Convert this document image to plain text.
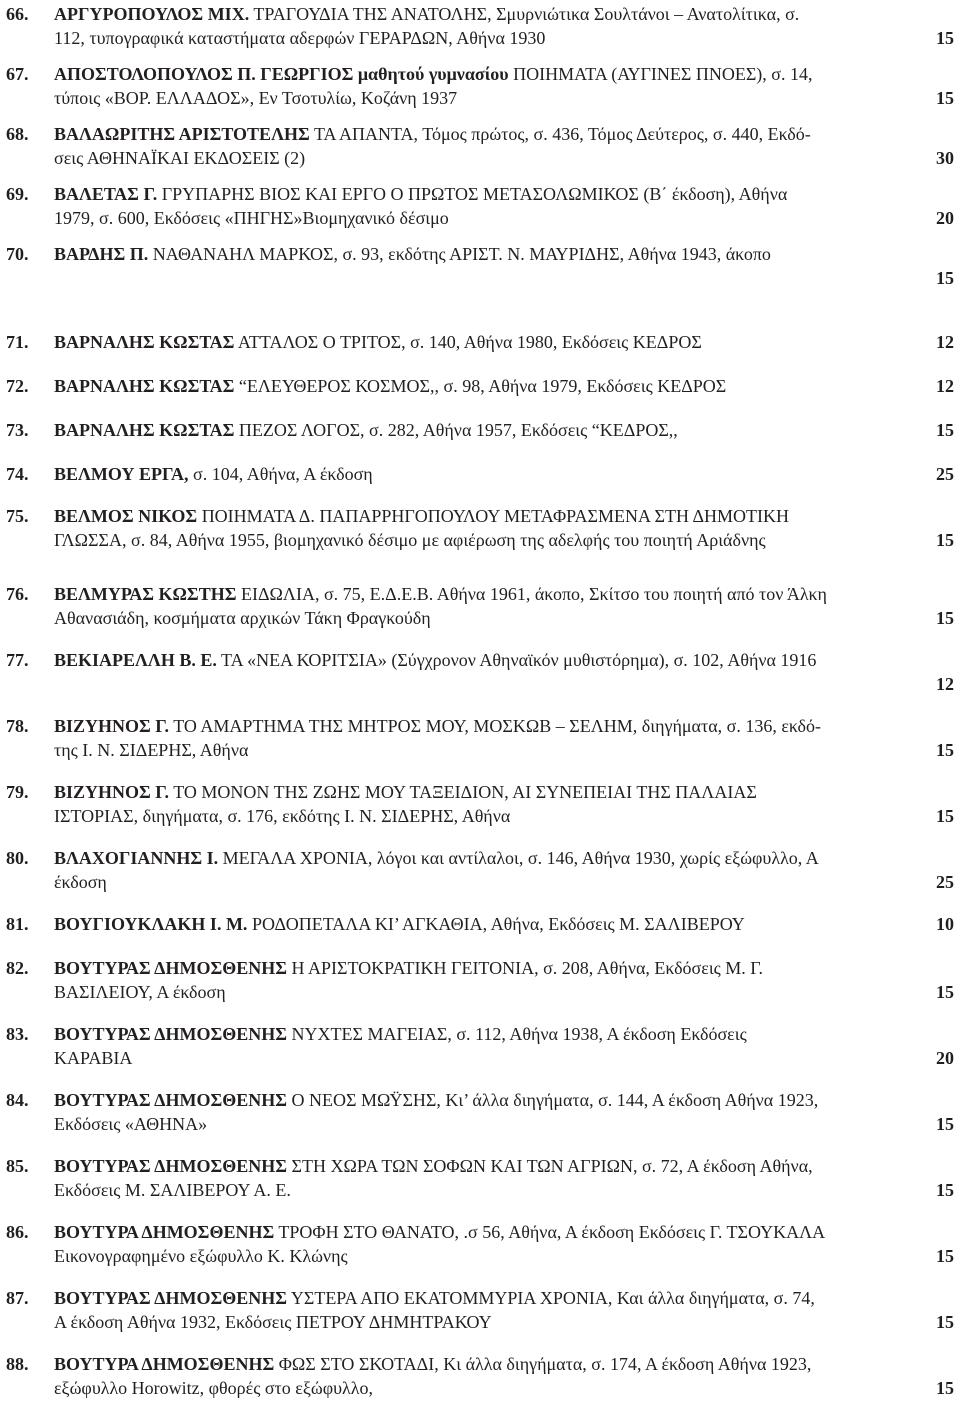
66. ΑΡΓΥΡΟΠΟΥΛΟΣ ΜΙΧ. ΤΡΑΓΟΥΔΙΑ ΤΗΣ ΑΝΑΤΟΛΗΣ, Σμυρνιώτικα Σουλτάνοι – Ανατολίτικα, σ.
112, τυπογραφικά καταστήματα αδερφών ΓΕΡΑΡΔΩΝ, Αθήνα 1930	15
67. ΑΠΟΣΤΟΛΟΠΟΥΛΟΣ Π. ΓΕΩΡΓΙΟΣ μαθητού γυμνασίου ΠΟΙΗΜΑΤΑ (ΑΥΓΙΝΕΣ ΠΝΟΕΣ), σ. 14,
τύποις «ΒΟΡ. ΕΛΛΑΔΟΣ», Εν Τσοτυλίω, Κοζάνη 1937	15
68. ΒΑΛΑΩΡΙΤΗΣ ΑΡΙΣΤΟΤΕΛΗΣ ΤΑ ΑΠΑΝΤΑ, Τόμος πρώτος, σ. 436, Τόμος Δεύτερος, σ. 440, Εκδό-
σεις ΑΘΗΝΑΪΚΑΙ ΕΚΔΟΣΕΙΣ (2)	30
69. ΒΑΛΕΤΑΣ Γ. ΓΡΥΠΑΡΗΣ ΒΙΟΣ ΚΑΙ ΕΡΓΟ Ο ΠΡΩΤΟΣ ΜΕΤΑΣΟΛΩΜΙΚΟΣ (Β΄ έκδοση), Αθήνα
1979, σ. 600, Εκδόσεις «ΠΗΓΗΣ»Βιομηχανικό δέσιμο	20
70. ΒΑΡΔΗΣ Π. ΝΑΘΑΝΑΗΛ ΜΑΡΚΟΣ, σ. 93, εκδότης ΑΡΙΣΤ. Ν. ΜΑΥΡΙΔΗΣ, Αθήνα 1943, άκοπο
15
71. ΒΑΡΝΑΛΗΣ ΚΩΣΤΑΣ ΑΤΤΑΛΟΣ Ο ΤΡΙΤΟΣ, σ. 140, Αθήνα 1980, Εκδόσεις ΚΕΔΡΟΣ	12
72. ΒΑΡΝΑΛΗΣ ΚΩΣΤΑΣ “ΕΛΕΥΘΕΡΟΣ ΚΟΣΜΟΣ,, σ. 98, Αθήνα 1979, Εκδόσεις ΚΕΔΡΟΣ	12
73. ΒΑΡΝΑΛΗΣ ΚΩΣΤΑΣ ΠΕΖΟΣ ΛΟΓΟΣ, σ. 282, Αθήνα 1957, Εκδόσεις “ΚΕΔΡΟΣ,,	15
74. ΒΕΛΜΟΥ ΕΡΓΑ, σ. 104, Αθήνα, Α έκδοση	25
75. ΒΕΛΜΟΣ ΝΙΚΟΣ ΠΟΙΗΜΑΤΑ Δ. ΠΑΠΑΡΡΗΓΟΠΟΥΛΟΥ ΜΕΤΑΦΡΑΣΜΕΝΑ ΣΤΗ ΔΗΜΟΤΙΚΗ
ΓΛΩΣΣΑ, σ. 84, Αθήνα 1955, βιομηχανικό δέσιμο με αφιέρωση της αδελφής του ποιητή Αριάδνης	15
76. ΒΕΛΜΥΡΑΣ ΚΩΣΤΗΣ ΕΙΔΩΛΙΑ, σ. 75, Ε.Δ.Ε.Β. Αθήνα 1961, άκοπο, Σκίτσο του ποιητή από τον Άλκη
Αθανασιάδη, κοσμήματα αρχικών Τάκη Φραγκούδη	15
77. ΒΕΚΙΑΡΕΛΛΗ Β. Ε. ΤΑ «ΝΕΑ ΚΟΡΙΤΣΙΑ» (Σύγχρονον Αθηναϊκόν μυθιστόρημα), σ. 102, Αθήνα 1916
12
78. ΒΙΖΥΗΝΟΣ Γ. ΤΟ ΑΜΑΡΤΗΜΑ ΤΗΣ ΜΗΤΡΟΣ ΜΟΥ, ΜΟΣΚΩΒ – ΣΕΛΗΜ, διηγήματα, σ. 136, εκδό-
της Ι. Ν. ΣΙΔΕΡΗΣ, Αθήνα	15
79. ΒΙΖΥΗΝΟΣ Γ. ΤΟ ΜΟΝΟΝ ΤΗΣ ΖΩΗΣ ΜΟΥ ΤΑΞΕΙΔΙΟΝ, ΑΙ ΣΥΝΕΠΕΙΑΙ ΤΗΣ ΠΑΛΑΙΑΣ
ΙΣΤΟΡΙΑΣ, διηγήματα, σ. 176, εκδότης Ι. Ν. ΣΙΔΕΡΗΣ, Αθήνα	15
80. ΒΛΑΧΟΓΙΑΝΝΗΣ Ι. ΜΕΓΑΛΑ ΧΡΟΝΙΑ, λόγοι και αντίλαλοι, σ. 146, Αθήνα 1930, χωρίς εξώφυλλο, Α
έκδοση	25
81. ΒΟΥΓΙΟΥΚΛΑΚΗ Ι. Μ. ΡΟΔΟΠΕΤΑΛΑ ΚΙ’ ΑΓΚΑΘΙΑ, Αθήνα, Εκδόσεις Μ. ΣΑΛΙΒΕΡΟΥ	10
82. ΒΟΥΤΥΡΑΣ ΔΗΜΟΣΘΕΝΗΣ Η ΑΡΙΣΤΟΚΡΑΤΙΚΗ ΓΕΙΤΟΝΙΑ, σ. 208, Αθήνα, Εκδόσεις Μ. Γ.
ΒΑΣΙΛΕΙΟΥ, Α έκδοση	15
83. ΒΟΥΤΥΡΑΣ ΔΗΜΟΣΘΕΝΗΣ ΝΥΧΤΕΣ ΜΑΓΕΙΑΣ, σ. 112, Αθήνα 1938, Α έκδοση Εκδόσεις
ΚΑΡΑΒΙΑ	20
84. ΒΟΥΤΥΡΑΣ ΔΗΜΟΣΘΕΝΗΣ Ο ΝΕΟΣ ΜΩΫΣΗΣ, Κι’ άλλα διηγήματα, σ. 144, Α έκδοση Αθήνα 1923,
Εκδόσεις «ΑΘΗΝΑ»	15
85. ΒΟΥΤΥΡΑΣ ΔΗΜΟΣΘΕΝΗΣ ΣΤΗ ΧΩΡΑ ΤΩΝ ΣΟΦΩΝ ΚΑΙ ΤΩΝ ΑΓΡΙΩΝ, σ. 72, Α έκδοση Αθήνα,
Εκδόσεις Μ. ΣΑΛΙΒΕΡΟΥ Α. Ε.	15
86. ΒΟΥΤΥΡΑ ΔΗΜΟΣΘΕΝΗΣ ΤΡΟΦΗ ΣΤΟ ΘΑΝΑΤΟ, .σ 56, Αθήνα, Α έκδοση Εκδόσεις Γ. ΤΣΟΥΚΑΛΑ
Εικονογραφημένο εξώφυλλο Κ. Κλώνης	15
87. ΒΟΥΤΥΡΑΣ ΔΗΜΟΣΘΕΝΗΣ ΥΣΤΕΡΑ ΑΠΟ ΕΚΑΤΟΜΜΥΡΙΑ ΧΡΟΝΙΑ, Και άλλα διηγήματα, σ. 74,
Α έκδοση Αθήνα 1932, Εκδόσεις ΠΕΤΡΟΥ ΔΗΜΗΤΡΑΚΟΥ	15
88. ΒΟΥΤΥΡΑ ΔΗΜΟΣΘΕΝΗΣ ΦΩΣ ΣΤΟ ΣΚΟΤΑΔΙ, Κι άλλα διηγήματα, σ. 174, Α έκδοση Αθήνα 1923,
εξώφυλλο Horowitz, φθορές στο εξώφυλλο,	15
